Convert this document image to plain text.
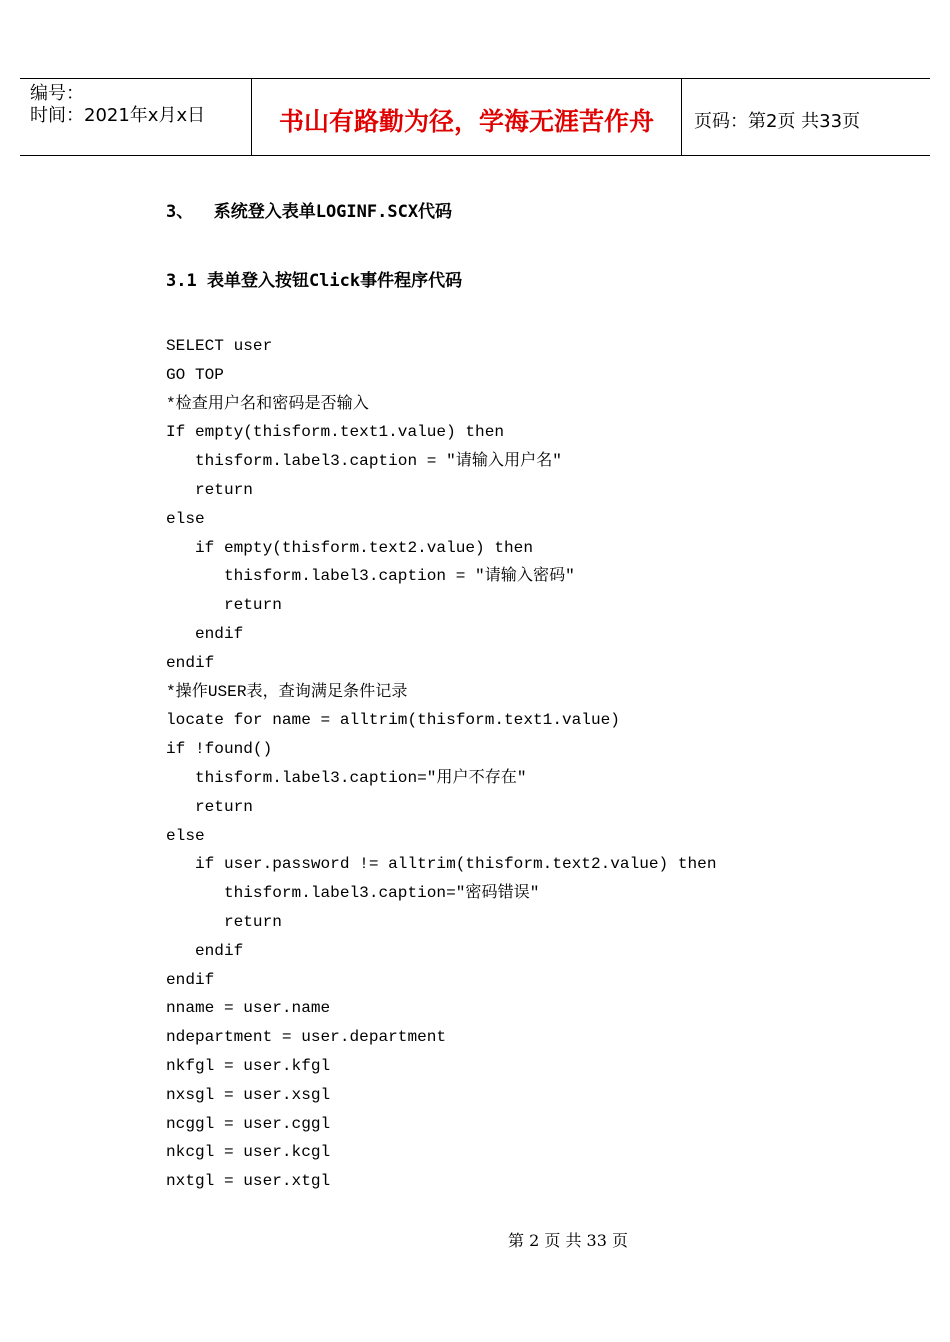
编号：
时间：2021年x月x日	书山有路勤为径，学海无涯苦作舟 页码：第2页 共33页
3、  系统登入表单LOGINF.SCX代码
3.1 表单登入按钮Click事件程序代码
SELECT user
GO TOP
*检查用户名和密码是否输入
If empty(thisform.text1.value) then
thisform.label3.caption = "请输入用户名"
return
else
if empty(thisform.text2.value) then
thisform.label3.caption = "请输入密码"
return
endif
endif
*操作USER表，查询满足条件记录
locate for name = alltrim(thisform.text1.value)
if !found()
thisform.label3.caption="用户不存在"
return
else
if user.password != alltrim(thisform.text2.value) then
thisform.label3.caption="密码错误"
return
endif
endif
nname = user.name
ndepartment = user.department
nkfgl = user.kfgl
nxsgl = user.xsgl
ncggl = user.cggl
nkcgl = user.kcgl
nxtgl = user.xtgl
第 2 页 共 33 页
